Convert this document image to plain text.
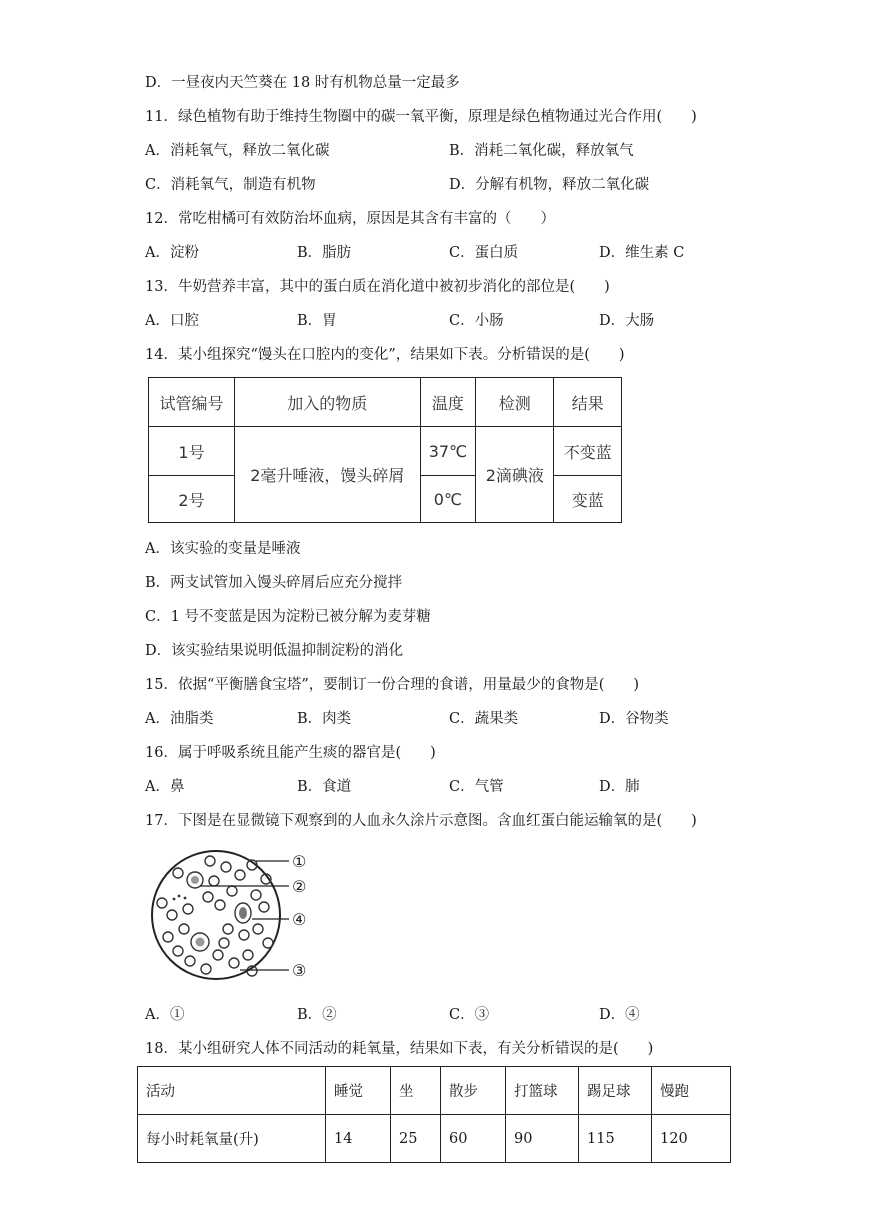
D．一昼夜内天竺葵在 18 时有机物总量一定最多
11．绿色植物有助于维持生物圈中的碳一氧平衡，原理是绿色植物通过光合作用(　　)
A．消耗氧气，释放二氧化碳	B．消耗二氧化碳，释放氧气
C．消耗氧气，制造有机物	D．分解有机物，释放二氧化碳
12．常吃柑橘可有效防治坏血病，原因是其含有丰富的（　　）
A．淀粉	B．脂肪	C．蛋白质	D．维生素 C
13．牛奶营养丰富，其中的蛋白质在消化道中被初步消化的部位是(　　)
A．口腔	B．胃	C．小肠	D．大肠
14．某小组探究“馒头在口腔内的变化”，结果如下表。分析错误的是(　　)
试管编号	加入的物质	温度	检测	结果
1号	2毫升唾液，馒头碎屑	37℃	2滴碘液	不变蓝
2号		0℃		变蓝
A．该实验的变量是唾液
B．两支试管加入馒头碎屑后应充分搅拌
C．1 号不变蓝是因为淀粉已被分解为麦芽糖
D．该实验结果说明低温抑制淀粉的消化
15．依据“平衡膳食宝塔”，要制订一份合理的食谱，用量最少的食物是(　　)
A．油脂类	B．肉类	C．蔬果类	D．谷物类
16．属于呼吸系统且能产生痰的器官是(　　)
A．鼻	B．食道	C．气管	D．肺
17．下图是在显微镜下观察到的人血永久涂片示意图。含血红蛋白能运输氧的是(　　)
①
②
④
③
A．①	B．②	C．③	D．④
18．某小组研究人体不同活动的耗氧量，结果如下表，有关分析错误的是(　　)
活动	睡觉	坐	散步	打篮球	踢足球	慢跑
每小时耗氧量(升)	14	25	60	90	115	120
